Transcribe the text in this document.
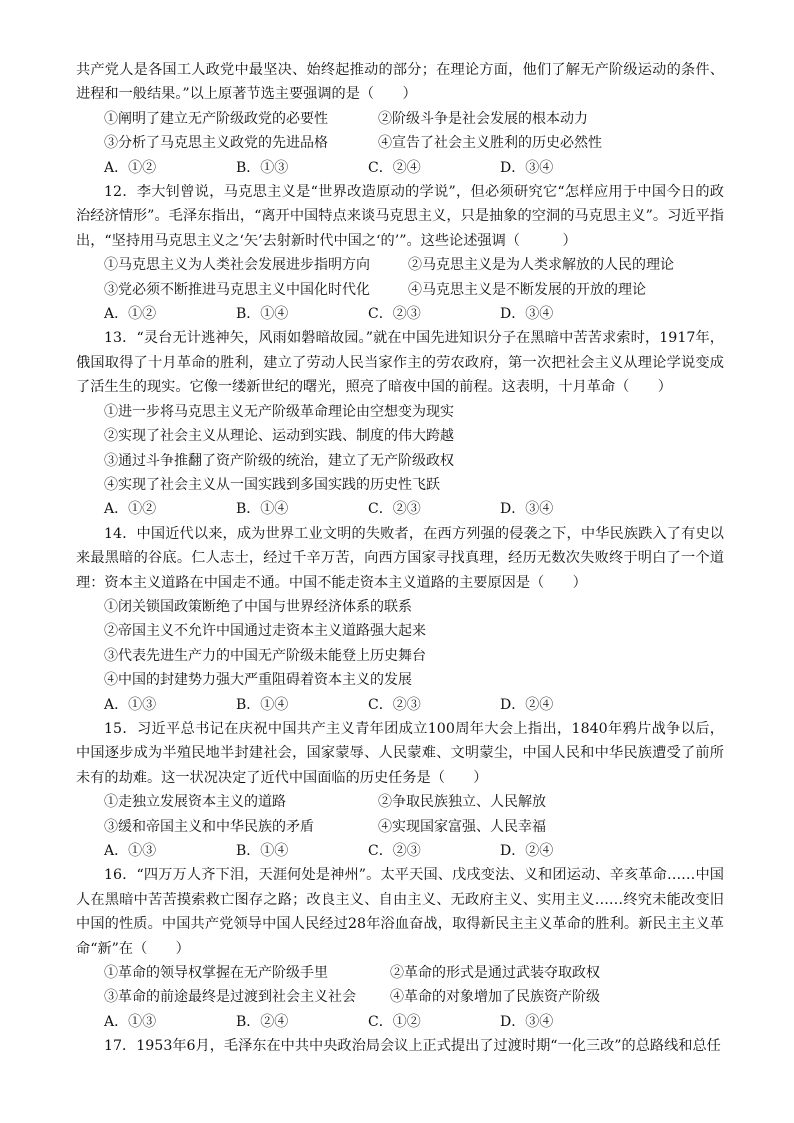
共产党人是各国工人政党中最坚决、始终起推动的部分；在理论方面，他们了解无产阶级运动的条件、进程和一般结果。”以上原著节选主要强调的是（　　）

①阐明了建立无产阶级政党的必要性	②阶级斗争是社会发展的根本动力
③分析了马克思主义政党的先进品格	④宣告了社会主义胜利的历史必然性
A．①②	B．①③	C．②④	D．③④

12．李大钊曾说，马克思主义是“世界改造原动的学说”，但必须研究它“怎样应用于中国今日的政治经济情形”。毛泽东指出，“离开中国特点来谈马克思主义，只是抽象的空洞的马克思主义”。习近平指出，“坚持用马克思主义之‘矢’去射新时代中国之‘的’”。这些论述强调（　　　）

①马克思主义为人类社会发展进步指明方向	②马克思主义是为人类求解放的人民的理论
③党必须不断推进马克思主义中国化时代化	④马克思主义是不断发展的开放的理论
A．①②	B．①④	C．②③	D．③④

13．“灵台无计逃神矢，风雨如磐暗故园。”就在中国先进知识分子在黑暗中苦苦求索时，1917年，俄国取得了十月革命的胜利，建立了劳动人民当家作主的劳农政府，第一次把社会主义从理论学说变成了活生生的现实。它像一缕新世纪的曙光，照亮了暗夜中国的前程。这表明，十月革命（　　）

①进一步将马克思主义无产阶级革命理论由空想变为现实
②实现了社会主义从理论、运动到实践、制度的伟大跨越
③通过斗争推翻了资产阶级的统治，建立了无产阶级政权
④实现了社会主义从一国实践到多国实践的历史性飞跃
A．①②	B．①④	C．②③	D．③④

14．中国近代以来，成为世界工业文明的失败者，在西方列强的侵袭之下，中华民族跌入了有史以来最黑暗的谷底。仁人志士，经过千辛万苦，向西方国家寻找真理，经历无数次失败终于明白了一个道理：资本主义道路在中国走不通。中国不能走资本主义道路的主要原因是（　　）

①闭关锁国政策断绝了中国与世界经济体系的联系
②帝国主义不允许中国通过走资本主义道路强大起来
③代表先进生产力的中国无产阶级未能登上历史舞台
④中国的封建势力强大严重阻碍着资本主义的发展
A．①③	B．①④	C．②③	D．②④

15．习近平总书记在庆祝中国共产主义青年团成立100周年大会上指出，1840年鸦片战争以后，中国逐步成为半殖民地半封建社会，国家蒙辱、人民蒙难、文明蒙尘，中国人民和中华民族遭受了前所未有的劫难。这一状况决定了近代中国面临的历史任务是（　　）

①走独立发展资本主义的道路	②争取民族独立、人民解放
③缓和帝国主义和中华民族的矛盾	④实现国家富强、人民幸福
A．①③	B．①④	C．②③	D．②④

16．“四万万人齐下泪，天涯何处是神州”。太平天国、戊戌变法、义和团运动、辛亥革命……中国人在黑暗中苦苦摸索救亡图存之路；改良主义、自由主义、无政府主义、实用主义……终究未能改变旧中国的性质。中国共产党领导中国人民经过28年浴血奋战，取得新民主主义革命的胜利。新民主主义革命“新”在（　　）

①革命的领导权掌握在无产阶级手里	②革命的形式是通过武装夺取政权
③革命的前途最终是过渡到社会主义社会	④革命的对象增加了民族资产阶级
A．①③	B．②④	C．①②	D．③④

17．1953年6月，毛泽东在中共中央政治局会议上正式提出了过渡时期“一化三改”的总路线和总任
